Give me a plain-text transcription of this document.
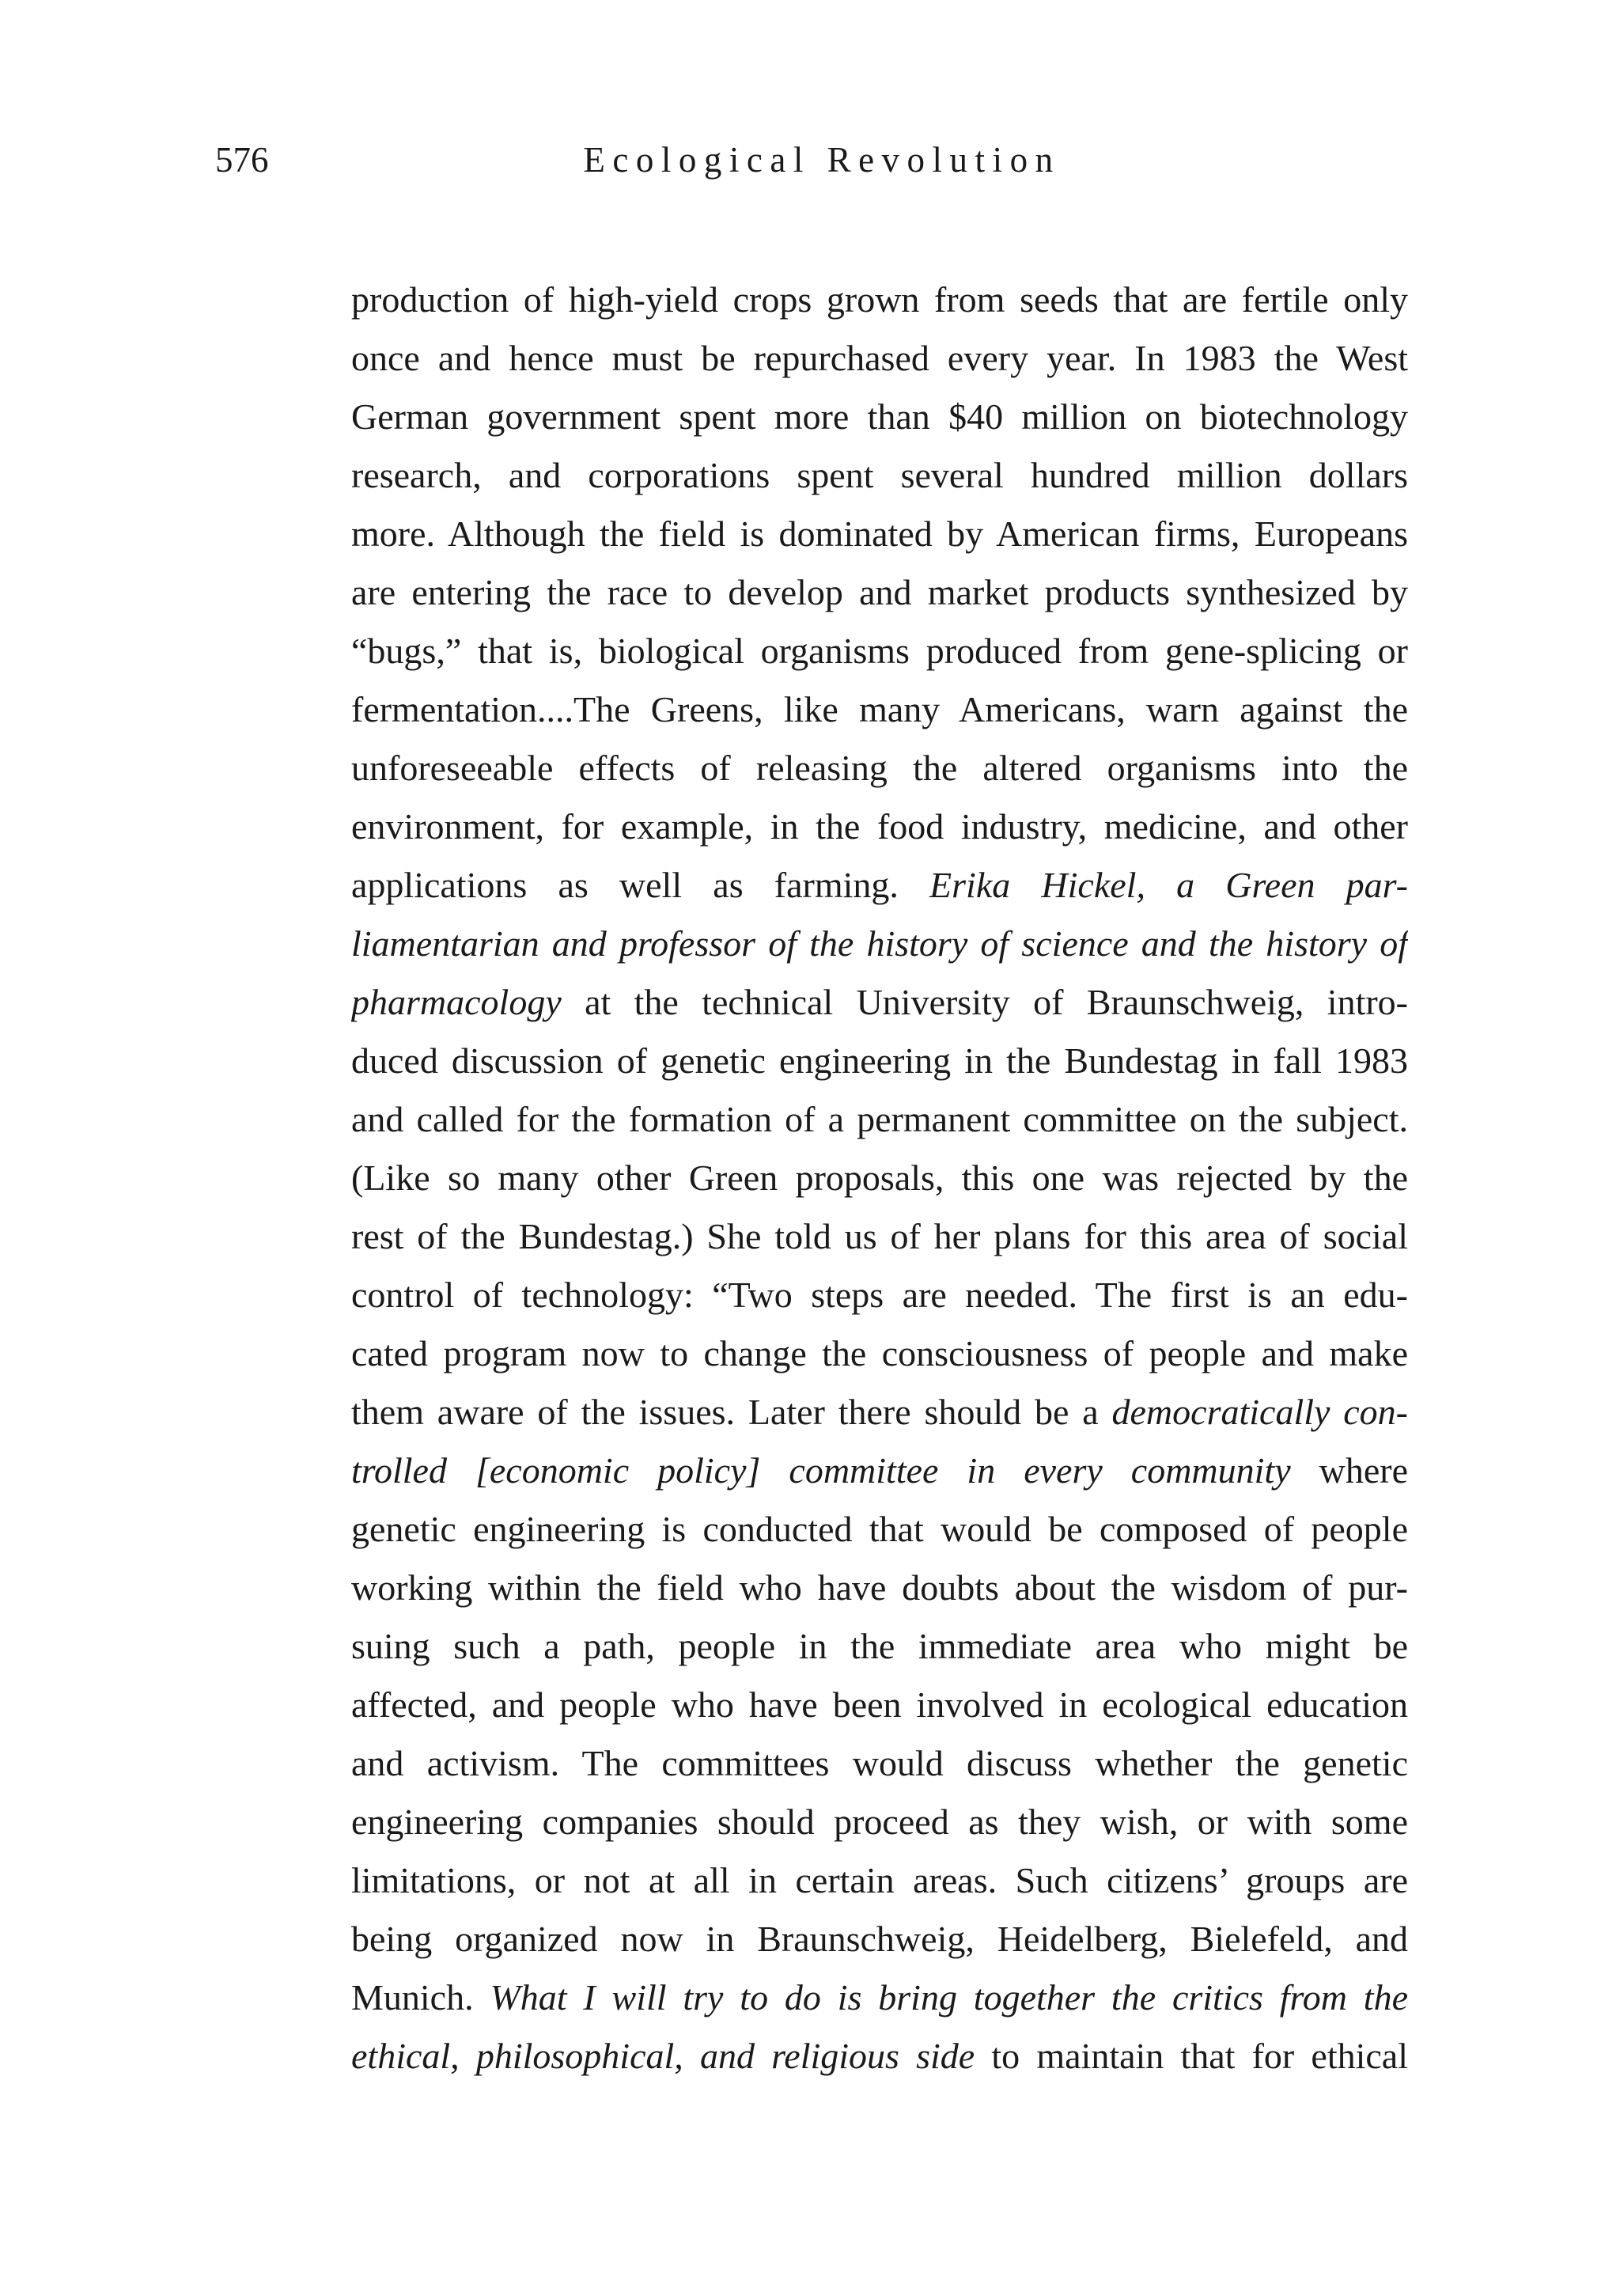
576	Ecological Revolution
production of high-yield crops grown from seeds that are fertile only
once and hence must be repurchased every year. In 1983 the West
German government spent more than $40 million on biotechnology
research, and corporations spent several hundred million dollars
more. Although the field is dominated by American firms, Europeans
are entering the race to develop and market products synthesized by
“bugs,” that is, biological organisms produced from gene-splicing or
fermentation....The Greens, like many Americans, warn against the
unforeseeable effects of releasing the altered organisms into the
environment, for example, in the food industry, medicine, and other
applications as well as farming. Erika Hickel, a Green par-
liamentarian and professor of the history of science and the history of
pharmacology at the technical University of Braunschweig, intro-
duced discussion of genetic engineering in the Bundestag in fall 1983
and called for the formation of a permanent committee on the subject.
(Like so many other Green proposals, this one was rejected by the
rest of the Bundestag.) She told us of her plans for this area of social
control of technology: “Two steps are needed. The first is an edu-
cated program now to change the consciousness of people and make
them aware of the issues. Later there should be a democratically con-
trolled [economic policy] committee in every community where
genetic engineering is conducted that would be composed of people
working within the field who have doubts about the wisdom of pur-
suing such a path, people in the immediate area who might be
affected, and people who have been involved in ecological education
and activism. The committees would discuss whether the genetic
engineering companies should proceed as they wish, or with some
limitations, or not at all in certain areas. Such citizens’ groups are
being organized now in Braunschweig, Heidelberg, Bielefeld, and
Munich. What I will try to do is bring together the critics from the
ethical, philosophical, and religious side to maintain that for ethical
